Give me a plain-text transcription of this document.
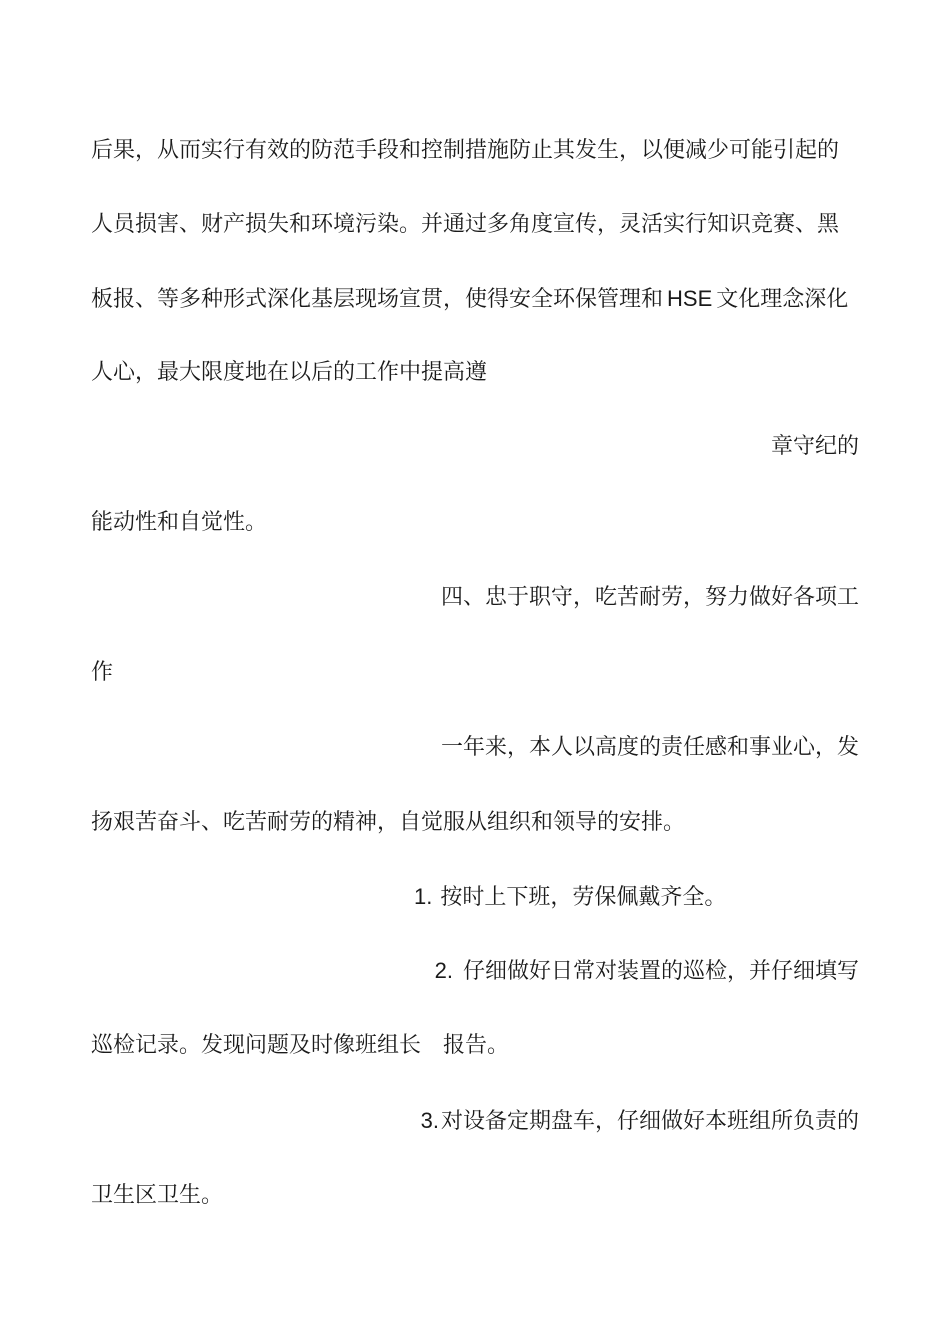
后果，从而实行有效的防范手段和控制措施防止其发生，以便减少可能引起的
人员损害、财产损失和环境污染。并通过多角度宣传，灵活实行知识竞赛、黑
板报、等多种形式深化基层现场宣贯，使得安全环保管理和 HSE 文化理念深化
人心，最大限度地在以后的工作中提高遵
章守纪的
能动性和自觉性。
四、忠于职守，吃苦耐劳，努力做好各项工
作
一年来，本人以高度的责任感和事业心，发
扬艰苦奋斗、吃苦耐劳的精神，自觉服从组织和领导的安排。
1. 按时上下班，劳保佩戴齐全。
2. 仔细做好日常对装置的巡检，并仔细填写
巡检记录。发现问题及时像班组长 报告。
3.对设备定期盘车，仔细做好本班组所负责的
卫生区卫生。
